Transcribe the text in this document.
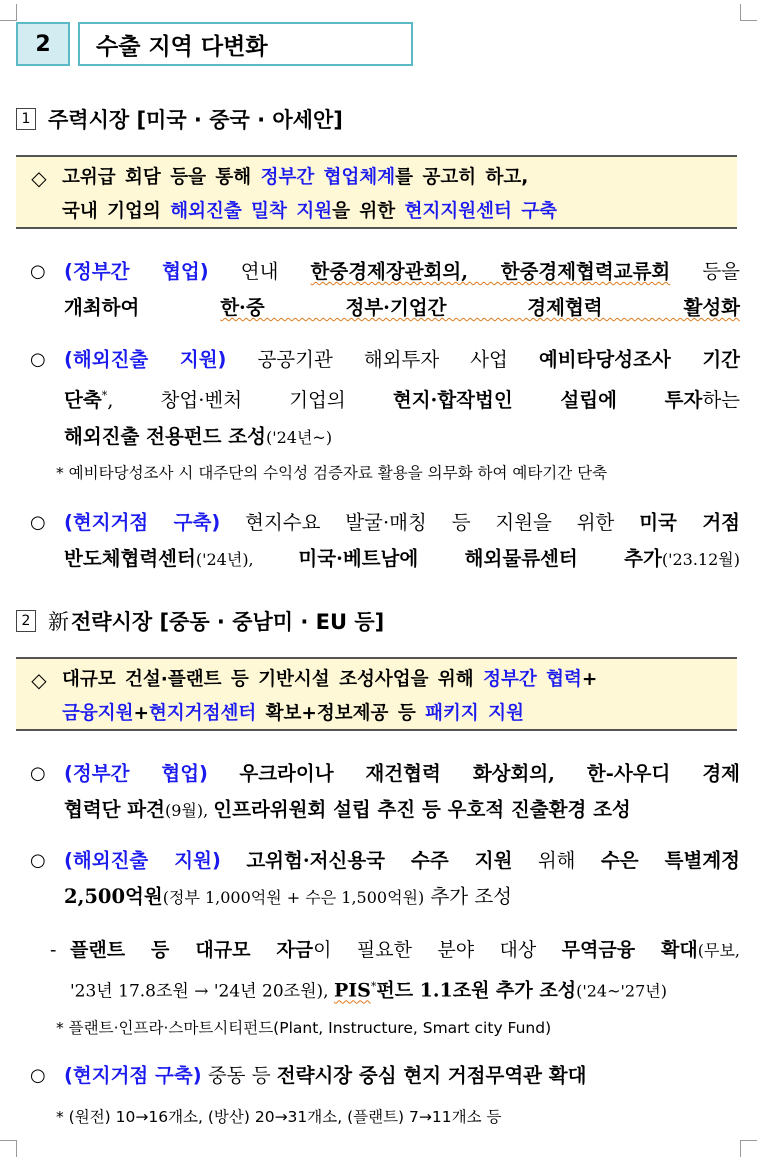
2	수출 지역 다변화
1 주력시장 [미국 · 중국 · 아세안]
◇ 고위급 회담 등을 통해 정부간 협업체계를 공고히 하고,
국내 기업의 해외진출 밀착 지원을 위한 현지지원센터 구축
○ (정부간 협업) 연내 한중경제장관회의, 한중경제협력교류회 등을
개최하여 한·중 정부·기업간 경제협력 활성화
○ (해외진출 지원) 공공기관 해외투자 사업 예비타당성조사 기간
단축*, 창업·벤처 기업의 현지·합작법인 설립에 투자하는
해외진출 전용펀드 조성('24년~)
* 예비타당성조사 시 대주단의 수익성 검증자료 활용을 의무화 하여 예타기간 단축
○ (현지거점 구축) 현지수요 발굴·매칭 등 지원을 위한 미국 거점
반도체협력센터('24년), 미국·베트남에 해외물류센터 추가('23.12월)
2 新 전략시장 [중동 · 중남미 · EU 등]
◇ 대규모 건설·플랜트 등 기반시설 조성사업을 위해 정부간 협력+
금융지원+현지거점센터 확보+정보제공 등 패키지 지원
○ (정부간 협업) 우크라이나 재건협력 화상회의, 한-사우디 경제
협력단 파견(9월), 인프라위원회 설립 추진 등 우호적 진출환경 조성
○ (해외진출 지원) 고위험·저신용국 수주 지원 위해 수은 특별계정
2,500억원(정부 1,000억원 + 수은 1,500억원) 추가 조성
- 플랜트 등 대규모 자금이 필요한 분야 대상 무역금융 확대(무보,
'23년 17.8조원 → '24년 20조원), PIS*펀드 1.1조원 추가 조성('24~'27년)
* 플랜트·인프라·스마트시티펀드(Plant, Instructure, Smart city Fund)
○ (현지거점 구축) 중동 등 전략시장 중심 현지 거점무역관 확대
* (원전) 10→16개소, (방산) 20→31개소, (플랜트) 7→11개소 등
